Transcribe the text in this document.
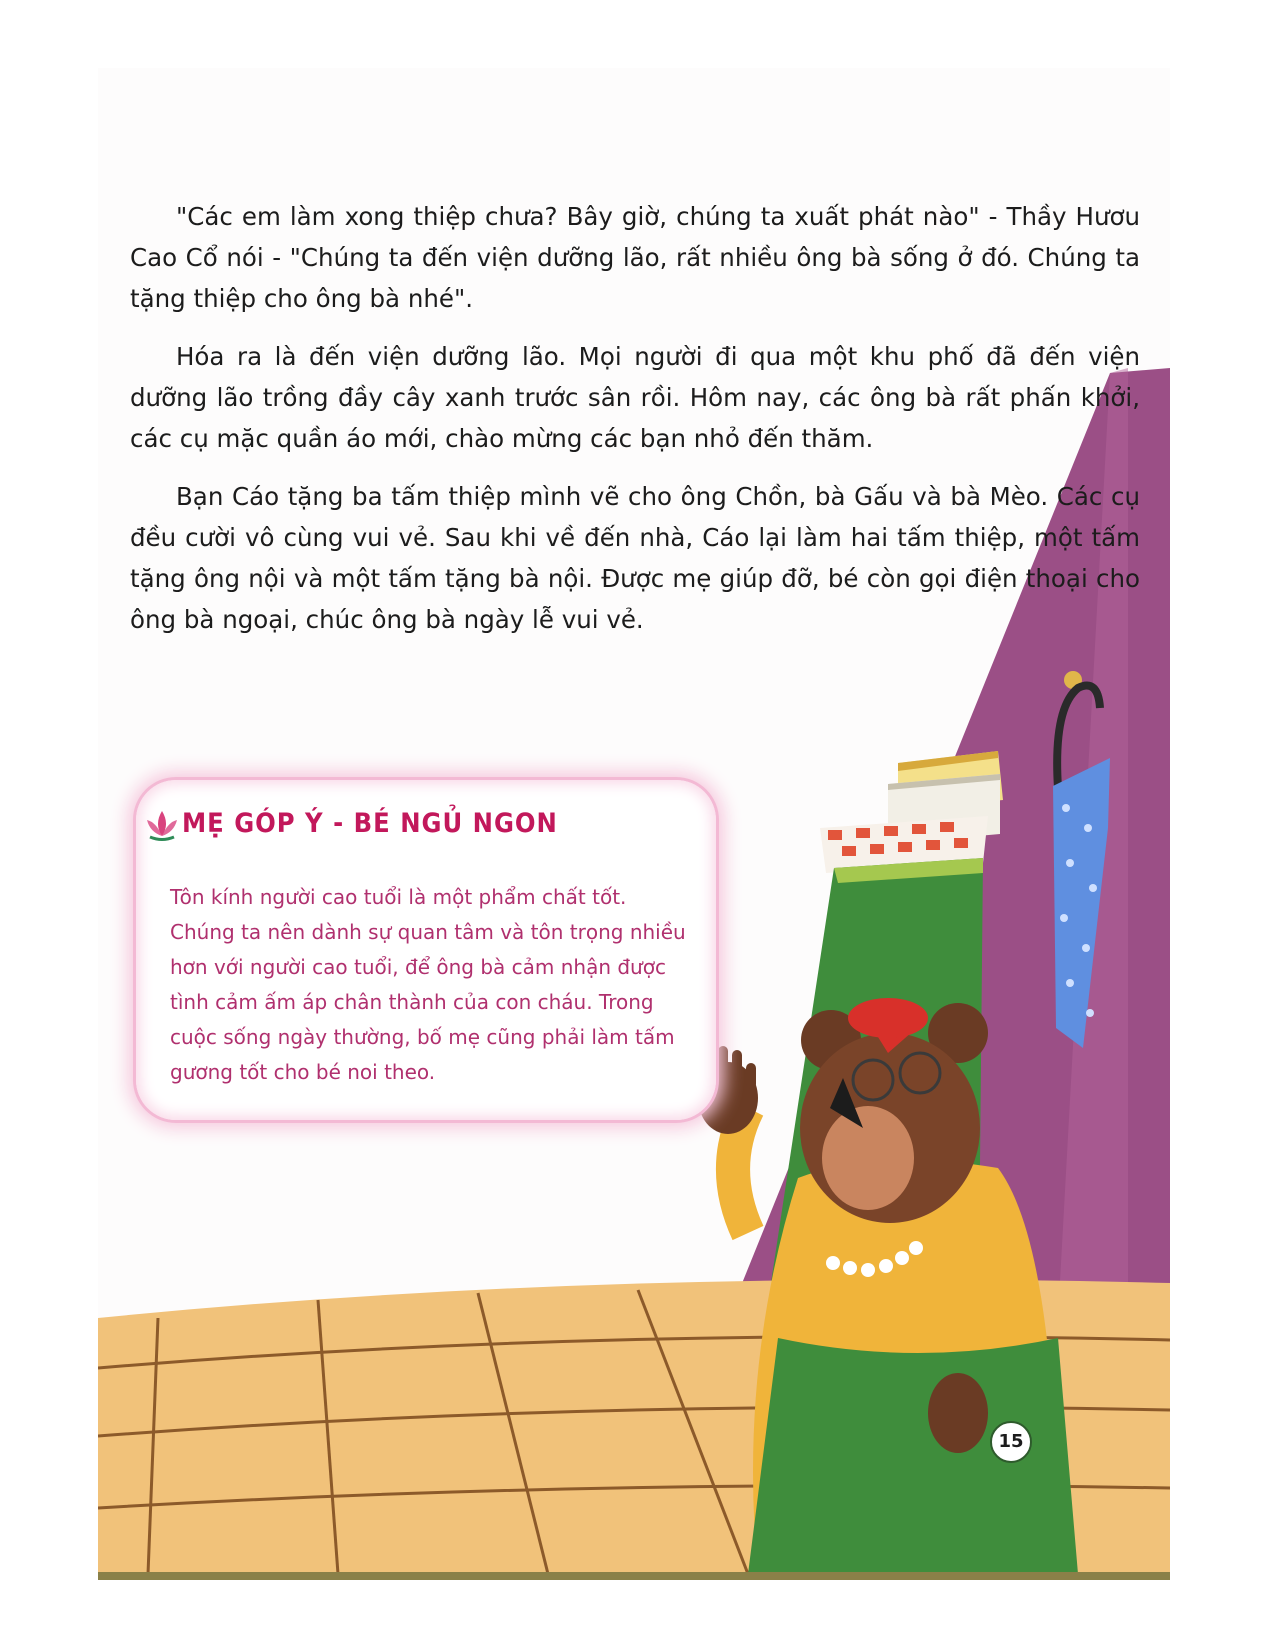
"Các em làm xong thiệp chưa? Bây giờ, chúng ta xuất phát nào" - Thầy Hươu Cao Cổ nói - "Chúng ta đến viện dưỡng lão, rất nhiều ông bà sống ở đó. Chúng ta tặng thiệp cho ông bà nhé".

Hóa ra là đến viện dưỡng lão. Mọi người đi qua một khu phố đã đến viện dưỡng lão trồng đầy cây xanh trước sân rồi. Hôm nay, các ông bà rất phấn khởi, các cụ mặc quần áo mới, chào mừng các bạn nhỏ đến thăm.

Bạn Cáo tặng ba tấm thiệp mình vẽ cho ông Chồn, bà Gấu và bà Mèo. Các cụ đều cười vô cùng vui vẻ. Sau khi về đến nhà, Cáo lại làm hai tấm thiệp, một tấm tặng ông nội và một tấm tặng bà nội. Được mẹ giúp đỡ, bé còn gọi điện thoại cho ông bà ngoại, chúc ông bà ngày lễ vui vẻ.

MẸ GÓP Ý - BÉ NGỦ NGON
Tôn kính người cao tuổi là một phẩm chất tốt. Chúng ta nên dành sự quan tâm và tôn trọng nhiều hơn với người cao tuổi, để ông bà cảm nhận được tình cảm ấm áp chân thành của con cháu. Trong cuộc sống ngày thường, bố mẹ cũng phải làm tấm gương tốt cho bé noi theo.
15
